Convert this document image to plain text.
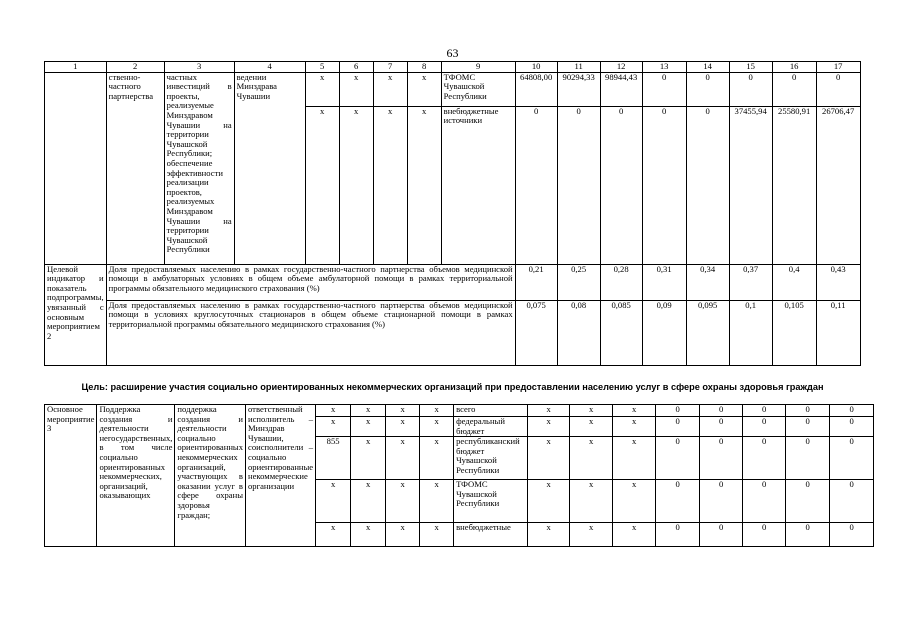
63
1	2	3	4	5	6	7	8	9	10	11	12	13	14	15	16	17
	ственно-частного партнерства	частных инвестиций в проекты, реализуемые Минздравом Чувашии на территории Чувашской Республики; обеспечение эффективности реализации проектов, реализуемых Минздравом Чувашии на территории Чувашской Республики	ведении Минздрава Чувашии	x	x	x	x	ТФОМС Чувашской Республики	64808,00	90294,33	98944,43	0	0	0	0	0
				x	x	x	x	внебюджетные источники	0	0	0	0	0	37455,94	25580,91	26706,47
Целевой индикатор и показатель подпрограммы, увязанный с основным мероприятием 2	Доля предоставляемых населению в рамках государственно-частного партнерства объемов медицинской помощи в амбулаторных условиях в общем объеме амбулаторной помощи в рамках территориальной программы обязательного медицинского страхования (%)								0,21	0,25	0,28	0,31	0,34	0,37	0,4	0,43
	Доля предоставляемых населению в рамках государственно-частного партнерства объемов медицинской помощи в условиях круглосуточных стационаров в общем объеме стационарной помощи в рамках территориальной программы обязательного медицинского страхования (%)								0,075	0,08	0,085	0,09	0,095	0,1	0,105	0,11
Цель: расширение участия социально ориентированных некоммерческих организаций при предоставлении населению услуг в сфере охраны здоровья граждан
Основное мероприятие 3	Поддержка создания и деятельности негосударственных, в том числе социально ориентированных некоммерческих, организаций, оказывающих	поддержка создания и деятельности социально ориентированных некоммерческих организаций, участвующих в оказании услуг в сфере охраны здоровья граждан;	ответственный исполнитель – Минздрав Чувашии, соисполнители – социально ориентированные некоммерческие организации	x	x	x	x	всего	x	x	x	0	0	0	0	0
				x	x	x	x	федеральный бюджет	x	x	x	0	0	0	0	0
				855	x	x	x	республиканский бюджет Чувашской Республики	x	x	x	0	0	0	0	0
				x	x	x	x	ТФОМС Чувашской Республики	x	x	x	0	0	0	0	0
				x	x	x	x	внебюджетные	x	x	x	0	0	0	0	0
